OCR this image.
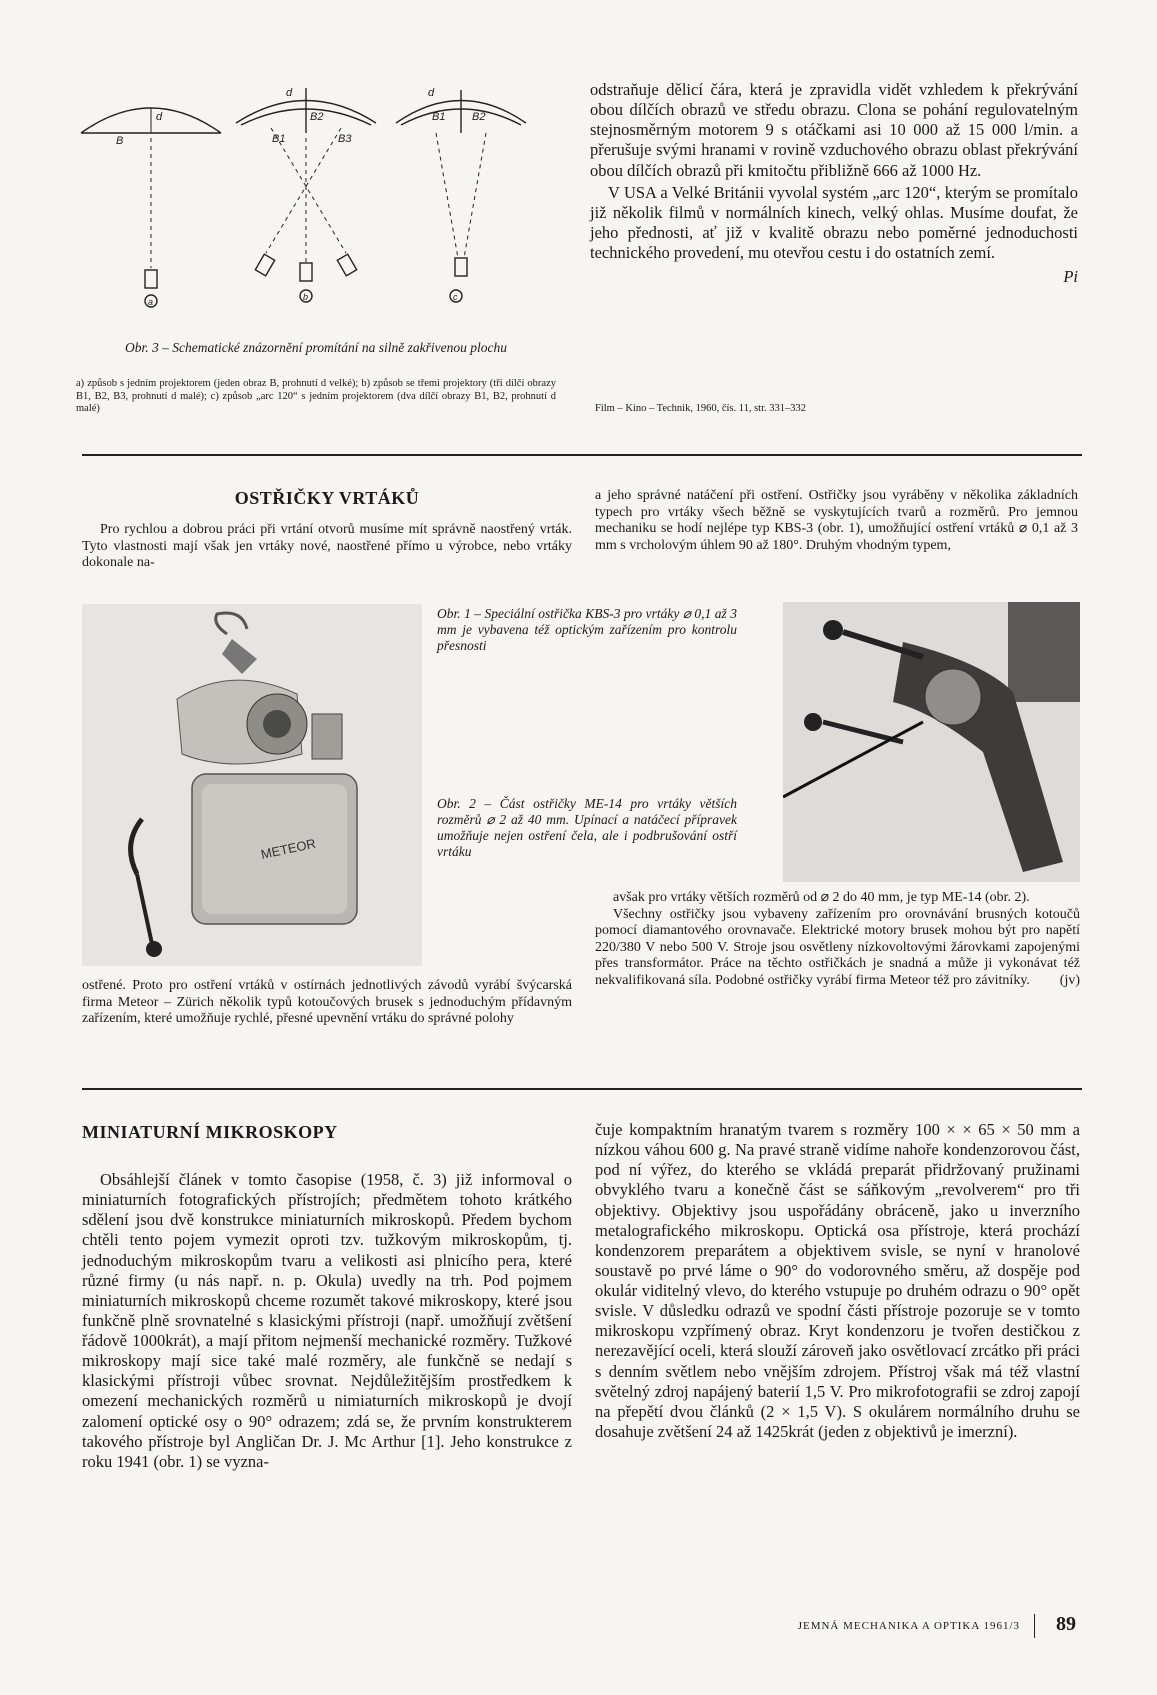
B
d	B2
B1	B3
d
B1 B2
d
a	b	c

Obr. 3 – Schematické znázornění promítání na silně zakřivenou plochu

a) způsob s jedním projektorem (jeden obraz B, prohnutí d velké); b) způsob se třemi projektory (tři dílčí obrazy B1, B2, B3, prohnutí d malé); c) způsob „arc 120“ s jedním projektorem (dva dílčí obrazy B1, B2, prohnutí d malé)

odstraňuje dělicí čára, která je zpravidla vidět vzhledem k překrývání obou dílčích obrazů ve středu obrazu. Clona se pohání regulovatelným stejnosměrným motorem 9 s otáčkami asi 10 000 až 15 000 l/min. a přerušuje svými hranami v rovině vzduchového obrazu oblast překrývání obou dílčích obrazů při kmitočtu přibližně 666 až 1000 Hz.

V USA a Velké Británii vyvolal systém „arc 120“, kterým se promítalo již několik filmů v normálních kinech, velký ohlas. Musíme doufat, že jeho přednosti, ať již v kvalitě obrazu nebo poměrné jednoduchosti technického provedení, mu otevřou cestu i do ostatních zemí.

Pi

Film – Kino – Technik, 1960, čís. 11, str. 331–332

OSTŘIČKY VRTÁKŮ

Pro rychlou a dobrou práci při vrtání otvorů musíme mít správně naostřený vrták. Tyto vlastnosti mají však jen vrtáky nové, naostřené přímo u výrobce, nebo vrtáky dokonale na-

a jeho správné natáčení při ostření. Ostřičky jsou vyráběny v několika základních typech pro vrtáky všech běžně se vyskytujících tvarů a rozměrů. Pro jemnou mechaniku se hodí nejlépe typ KBS-3 (obr. 1), umožňující ostření vrtáků ⌀ 0,1 až 3 mm s vrcholovým úhlem 90 až 180°. Druhým vhodným typem,

METEOR

Obr. 1 – Speciální ostřička KBS-3 pro vrtáky ⌀ 0,1 až 3 mm je vybavena též optickým zařízením pro kontrolu přesnosti

Obr. 2 – Část ostřičky ME-14 pro vrtáky větších rozměrů ⌀ 2 až 40 mm. Upínací a natáčecí přípravek umožňuje nejen ostření čela, ale i podbrušování ostří vrtáku

ostřené. Proto pro ostření vrtáků v ostírnách jednotlivých závodů vyrábí švýcarská firma Meteor – Zürich několik typů kotoučových brusek s jednoduchým přídavným zařízením, které umožňuje rychlé, přesné upevnění vrtáku do správné polohy

avšak pro vrtáky větších rozměrů od ⌀ 2 do 40 mm, je typ ME-14 (obr. 2).

Všechny ostřičky jsou vybaveny zařízením pro orovnávání brusných kotoučů pomocí diamantového orovnavače. Elektrické motory brusek mohou být pro napětí 220/380 V nebo 500 V. Stroje jsou osvětleny nízkovoltovými žárovkami zapojenými přes transformátor. Práce na těchto ostřičkách je snadná a může ji vykonávat též nekvalifikovaná síla. Podobné ostřičky vyrábí firma Meteor též pro závitníky.	(jv)

MINIATURNÍ MIKROSKOPY

Obsáhlejší článek v tomto časopise (1958, č. 3) již informoval o miniaturních fotografických přístrojích; předmětem tohoto krátkého sdělení jsou dvě konstrukce miniaturních mikroskopů. Předem bychom chtěli tento pojem vymezit oproti tzv. tužkovým mikroskopům, tj. jednoduchým mikroskopům tvaru a velikosti asi plnicího pera, které různé firmy (u nás např. n. p. Okula) uvedly na trh. Pod pojmem miniaturních mikroskopů chceme rozumět takové mikroskopy, které jsou funkčně plně srovnatelné s klasickými přístroji (např. umožňují zvětšení řádově 1000krát), a mají přitom nejmenší mechanické rozměry. Tužkové mikroskopy mají sice také malé rozměry, ale funkčně se nedají s klasickými přístroji vůbec srovnat. Nejdůležitějším prostředkem k omezení mechanických rozměrů u nimiaturních mikroskopů je dvojí zalomení optické osy o 90° odrazem; zdá se, že prvním konstrukterem takového přístroje byl Angličan Dr. J. Mc Arthur [1]. Jeho konstrukce z roku 1941 (obr. 1) se vyzna-

čuje kompaktním hranatým tvarem s rozměry 100 × × 65 × 50 mm a nízkou váhou 600 g. Na pravé straně vidíme nahoře kondenzorovou část, pod ní výřez, do kterého se vkládá preparát přidržovaný pružinami obvyklého tvaru a konečně část se sáňkovým „revolverem“ pro tři objektivy. Objektivy jsou uspořádány obráceně, jako u inverzního metalografického mikroskopu. Optická osa přístroje, která prochází kondenzorem preparátem a objektivem svisle, se nyní v hranolové soustavě po prvé láme o 90° do vodorovného směru, až dospěje pod okulár viditelný vlevo, do kterého vstupuje po druhém odrazu o 90° opět svisle. V důsledku odrazů ve spodní části přístroje pozoruje se v tomto mikroskopu vzpřímený obraz. Kryt kondenzoru je tvořen destičkou z nerezavějící oceli, která slouží zároveň jako osvětlovací zrcátko při práci s denním světlem nebo vnějším zdrojem. Přístroj však má též vlastní světelný zdroj napájený baterií 1,5 V. Pro mikrofotografii se zdroj zapojí na přepětí dvou článků (2 × 1,5 V). S okulárem normálního druhu se dosahuje zvětšení 24 až 1425krát (jeden z objektivů je imerzní).

JEMNÁ MECHANIKA A OPTIKA 1961/3 89
